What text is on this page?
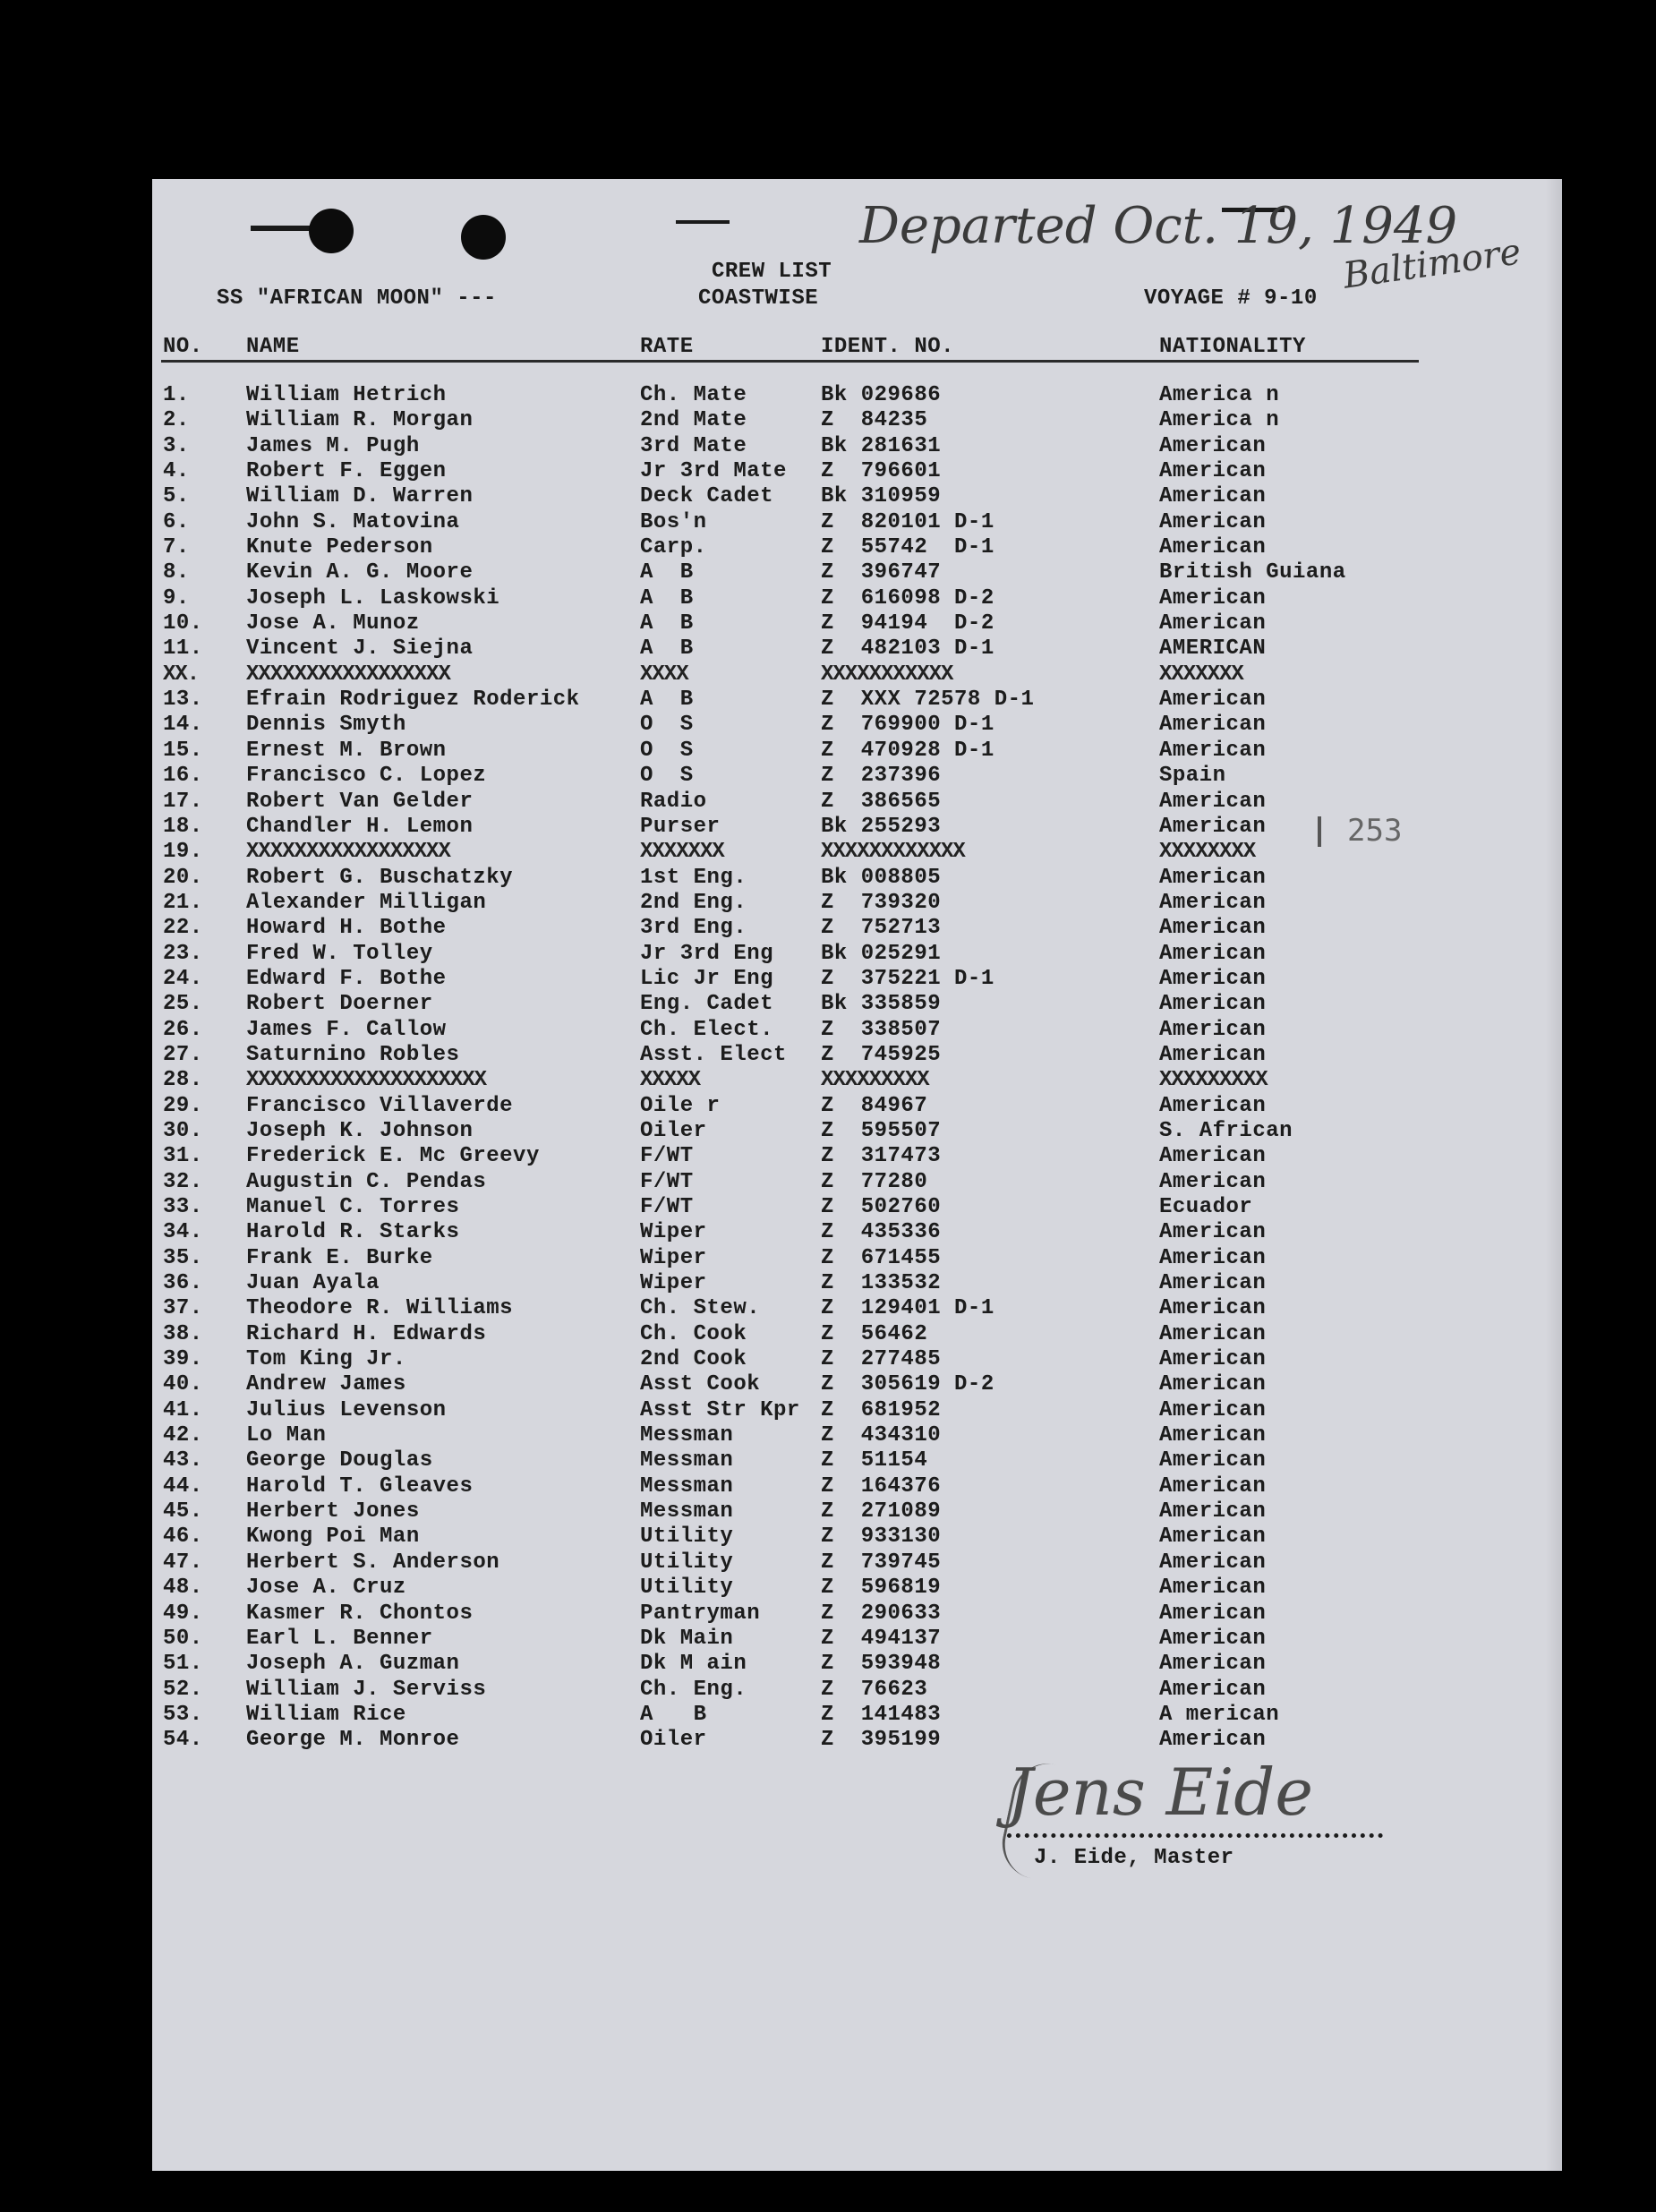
Departed Oct. 19, 1949
Baltimore
SS "AFRICAN MOON" ---
CREW LIST
COASTWISE	VOYAGE # 9-10
NO. NAME	RATE	IDENT. NO.	NATIONALITY
253
1.	William Hetrich	Ch. Mate	Bk 029686	America n
2.	William R. Morgan	2nd Mate	Z  84235	America n
3.	James M. Pugh	3rd Mate	Bk 281631	American
4.	Robert F. Eggen	Jr 3rd Mate Z  796601	American
5.	William D. Warren	Deck Cadet Bk 310959	American
6.	John S. Matovina	Bos'n	Z  820101 D-1	American
7.	Knute Pederson	Carp.	Z  55742  D-1	American
8.	Kevin A. G. Moore	A  B	Z  396747	British Guiana
9.	Joseph L. Laskowski	A  B	Z  616098 D-2	American
10. Jose A. Munoz	A  B	Z  94194  D-2	American
11. Vincent J. Siejna	A  B	Z  482103 D-1	AMERICAN
XX. XXXXXXXXXXXXXXXXX	XXXX	XXXXXXXXXXX	XXXXXXX
13. Efrain Rodriguez Roderick	A  B	Z  XXX 72578 D-1	American
14. Dennis Smyth	O  S	Z  769900 D-1	American
15. Ernest M. Brown	O  S	Z  470928 D-1	American
16. Francisco C. Lopez	O  S	Z  237396	Spain
17. Robert Van Gelder	Radio	Z  386565	American
18. Chandler H. Lemon	Purser	Bk 255293	American
19. XXXXXXXXXXXXXXXXX	XXXXXXX	XXXXXXXXXXXX	XXXXXXXX
20. Robert G. Buschatzky	1st Eng.	Bk 008805	American
21. Alexander Milligan	2nd Eng.	Z  739320	American
22. Howard H. Bothe	3rd Eng.	Z  752713	American
23. Fred W. Tolley	Jr 3rd Eng Bk 025291	American
24. Edward F. Bothe	Lic Jr Eng Z  375221 D-1	American
25. Robert Doerner	Eng. Cadet Bk 335859	American
26. James F. Callow	Ch. Elect. Z  338507	American
27. Saturnino Robles	Asst. Elect Z  745925	American
28. XXXXXXXXXXXXXXXXXXXX	XXXXX	XXXXXXXXX	XXXXXXXXX
29. Francisco Villaverde	Oile r	Z  84967	American
30. Joseph K. Johnson	Oiler	Z  595507	S. African
31. Frederick E. Mc Greevy	F/WT	Z  317473	American
32. Augustin C. Pendas	F/WT	Z  77280	American
33. Manuel C. Torres	F/WT	Z  502760	Ecuador
34. Harold R. Starks	Wiper	Z  435336	American
35. Frank E. Burke	Wiper	Z  671455	American
36. Juan Ayala	Wiper	Z  133532	American
37. Theodore R. Williams	Ch. Stew.	Z  129401 D-1	American
38. Richard H. Edwards	Ch. Cook	Z  56462	American
39. Tom King Jr.	2nd Cook	Z  277485	American
40. Andrew James	Asst Cook	Z  305619 D-2	American
41. Julius Levenson	Asst Str Kpr Z  681952	American
42. Lo Man	Messman	Z  434310	American
43. George Douglas	Messman	Z  51154	American
44. Harold T. Gleaves	Messman	Z  164376	American
45. Herbert Jones	Messman	Z  271089	American
46. Kwong Poi Man	Utility	Z  933130	American
47. Herbert S. Anderson	Utility	Z  739745	American
48. Jose A. Cruz	Utility	Z  596819	American
49. Kasmer R. Chontos	Pantryman	Z  290633	American
50. Earl L. Benner	Dk Main	Z  494137	American
51. Joseph A. Guzman	Dk M ain	Z  593948	American
52. William J. Serviss	Ch. Eng.	Z  76623	American
53. William Rice	A   B	Z  141483	A merican
54. George M. Monroe	Oiler	Z  395199	American
Jens Eide
J. Eide, Master
